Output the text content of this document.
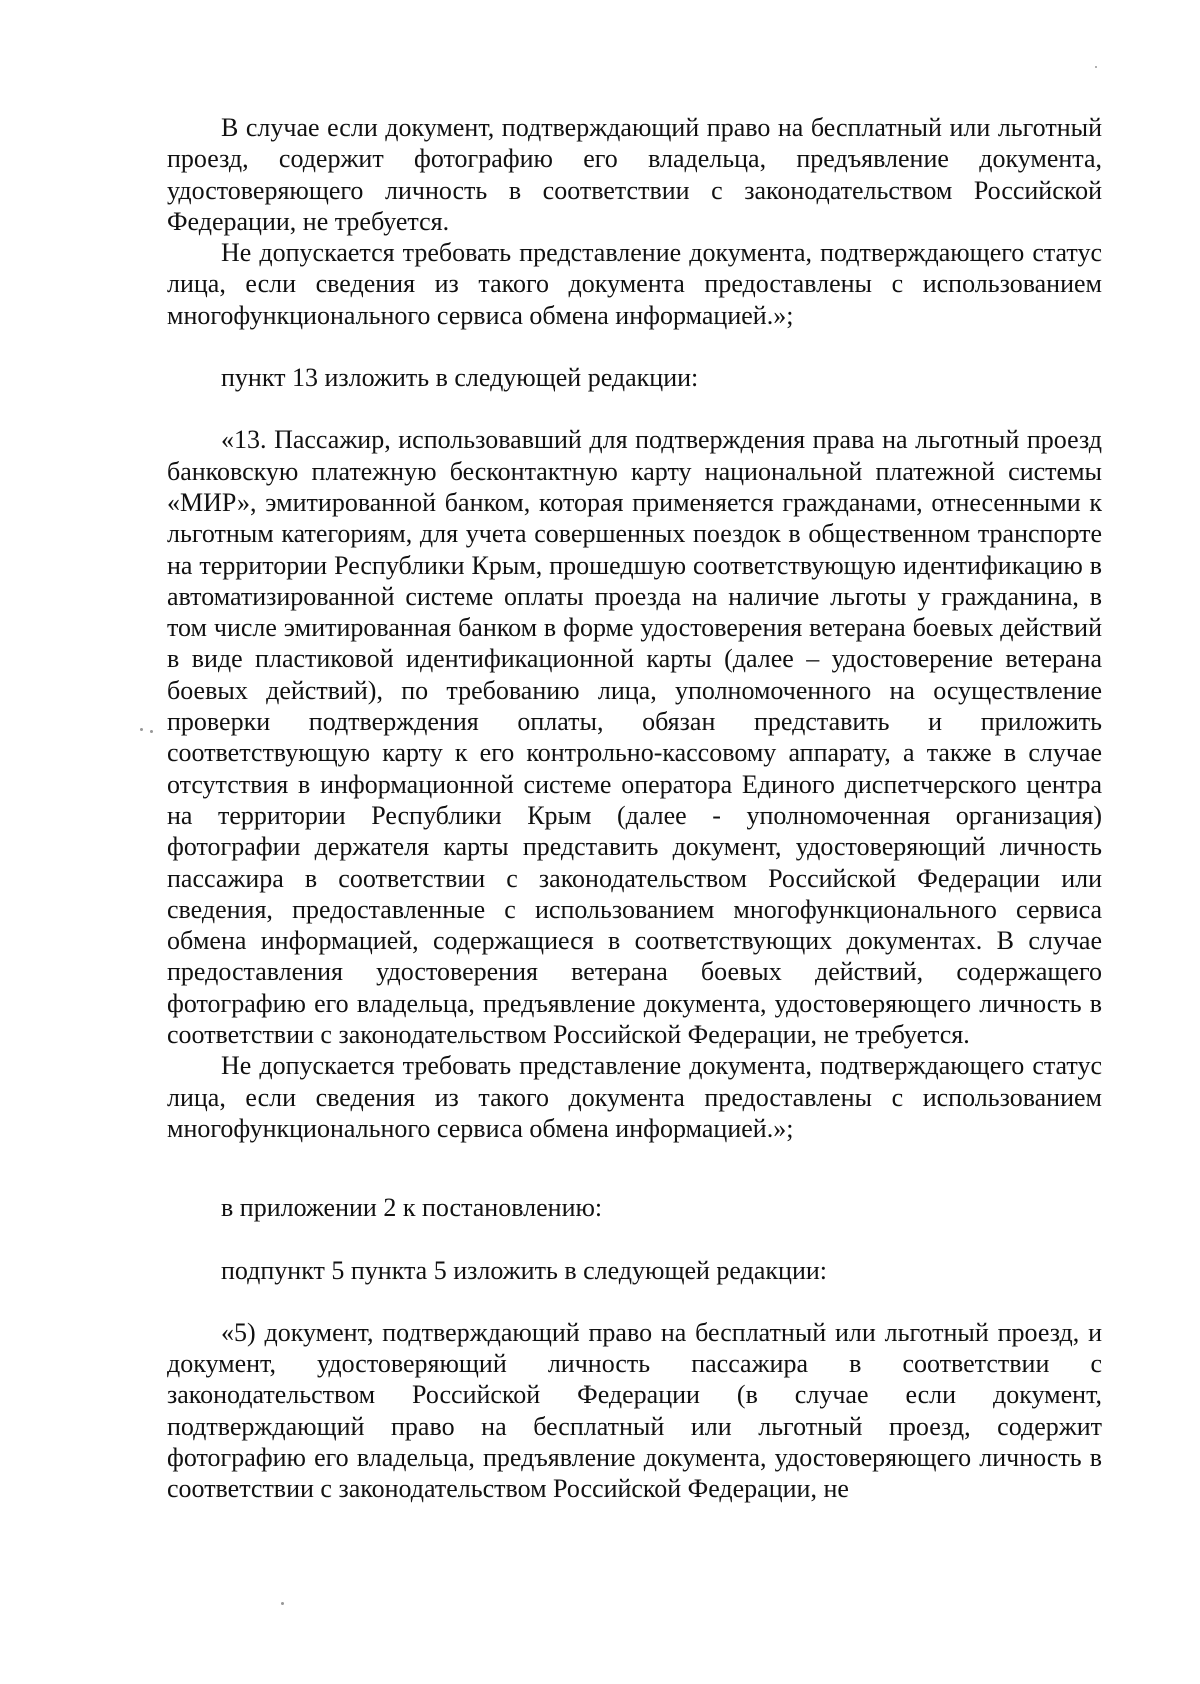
В случае если документ, подтверждающий право на бесплатный или льготный проезд, содержит фотографию его владельца, предъявление документа, удостоверяющего личность в соответствии с законодательством Российской Федерации, не требуется.

Не допускается требовать представление документа, подтверждающего статус лица, если сведения из такого документа предоставлены с использованием многофункционального сервиса обмена информацией.»;

пункт 13 изложить в следующей редакции:

«13. Пассажир, использовавший для подтверждения права на льготный проезд банковскую платежную бесконтактную карту национальной платежной системы «МИР», эмитированной банком, которая применяется гражданами, отнесенными к льготным категориям, для учета совершенных поездок в общественном транспорте на территории Республики Крым, прошедшую соответствующую идентификацию в автоматизированной системе оплаты проезда на наличие льготы у гражданина, в том числе эмитированная банком в форме удостоверения ветерана боевых действий в виде пластиковой идентификационной карты (далее – удостоверение ветерана боевых действий), по требованию лица, уполномоченного на осуществление проверки подтверждения оплаты, обязан представить и приложить соответствующую карту к его контрольно-кассовому аппарату, а также в случае отсутствия в информационной системе оператора Единого диспетчерского центра на территории Республики Крым (далее - уполномоченная организация) фотографии держателя карты представить документ, удостоверяющий личность пассажира в соответствии с законодательством Российской Федерации или сведения, предоставленные с использованием многофункционального сервиса обмена информацией, содержащиеся в соответствующих документах. В случае предоставления удостоверения ветерана боевых действий, содержащего фотографию его владельца, предъявление документа, удостоверяющего личность в соответствии с законодательством Российской Федерации, не требуется.

Не допускается требовать представление документа, подтверждающего статус лица, если сведения из такого документа предоставлены с использованием многофункционального сервиса обмена информацией.»;

в приложении 2 к постановлению:

подпункт 5 пункта 5 изложить в следующей редакции:

«5) документ, подтверждающий право на бесплатный или льготный проезд, и документ, удостоверяющий личность пассажира в соответствии с законодательством Российской Федерации (в случае если документ, подтверждающий право на бесплатный или льготный проезд, содержит фотографию его владельца, предъявление документа, удостоверяющего личность в соответствии с законодательством Российской Федерации, не
